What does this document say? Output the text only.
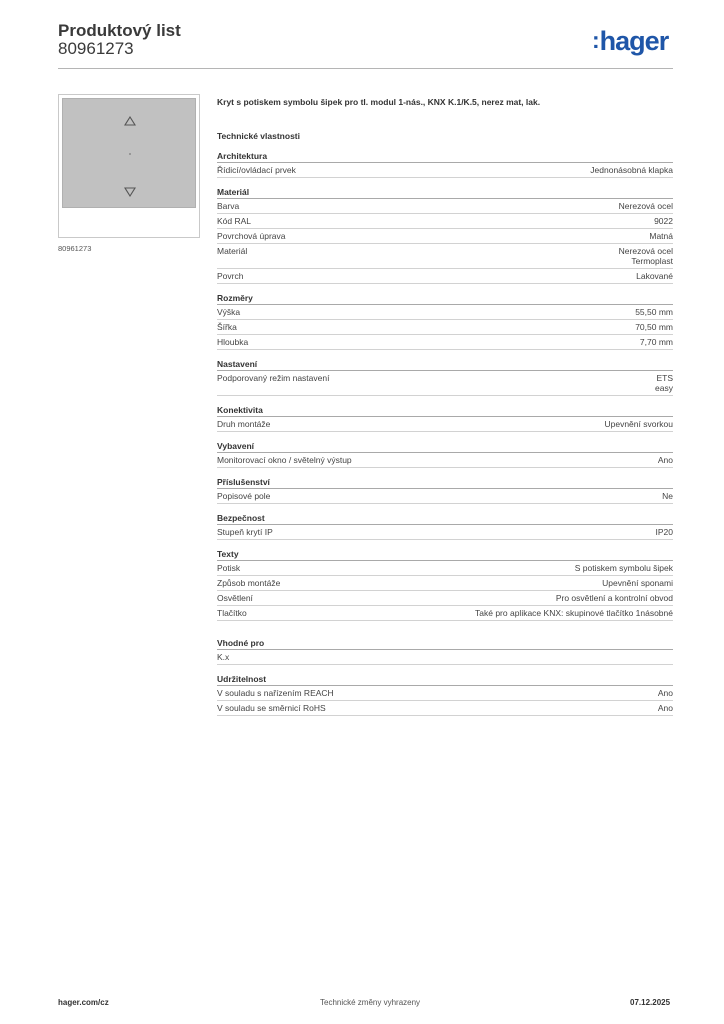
Produktový list
80961273	:hager
80961273
Kryt s potiskem symbolu šipek pro tl. modul 1-nás., KNX K.1/K.5, nerez mat, lak.
Technické vlastnosti
Architektura
Řídicí/ovládací prvek	Jednonásobná klapka
Materiál
Barva	Nerezová ocel
Kód RAL	9022
Povrchová úprava	Matná
Materiál	Nerezová ocel
Termoplast
Povrch	Lakované
Rozměry
Výška	55,50 mm
Šířka	70,50 mm
Hloubka	7,70 mm
Nastavení
Podporovaný režim nastavení	ETS
easy
Konektivita
Druh montáže	Upevnění svorkou
Vybavení
Monitorovací okno / světelný výstup	Ano
Příslušenství
Popisové pole	Ne
Bezpečnost
Stupeň krytí IP	IP20
Texty
Potisk	S potiskem symbolu šipek
Způsob montáže	Upevnění sponami
Osvětlení	Pro osvětlení a kontrolní obvod
Tlačítko	Také pro aplikace KNX: skupinové tlačítko 1násobné
Vhodné pro
K.x

Udržitelnost
V souladu s nařízením REACH	Ano
V souladu se směrnicí RoHS	Ano
hager.com/cz	Technické změny vyhrazeny	07.12.2025
